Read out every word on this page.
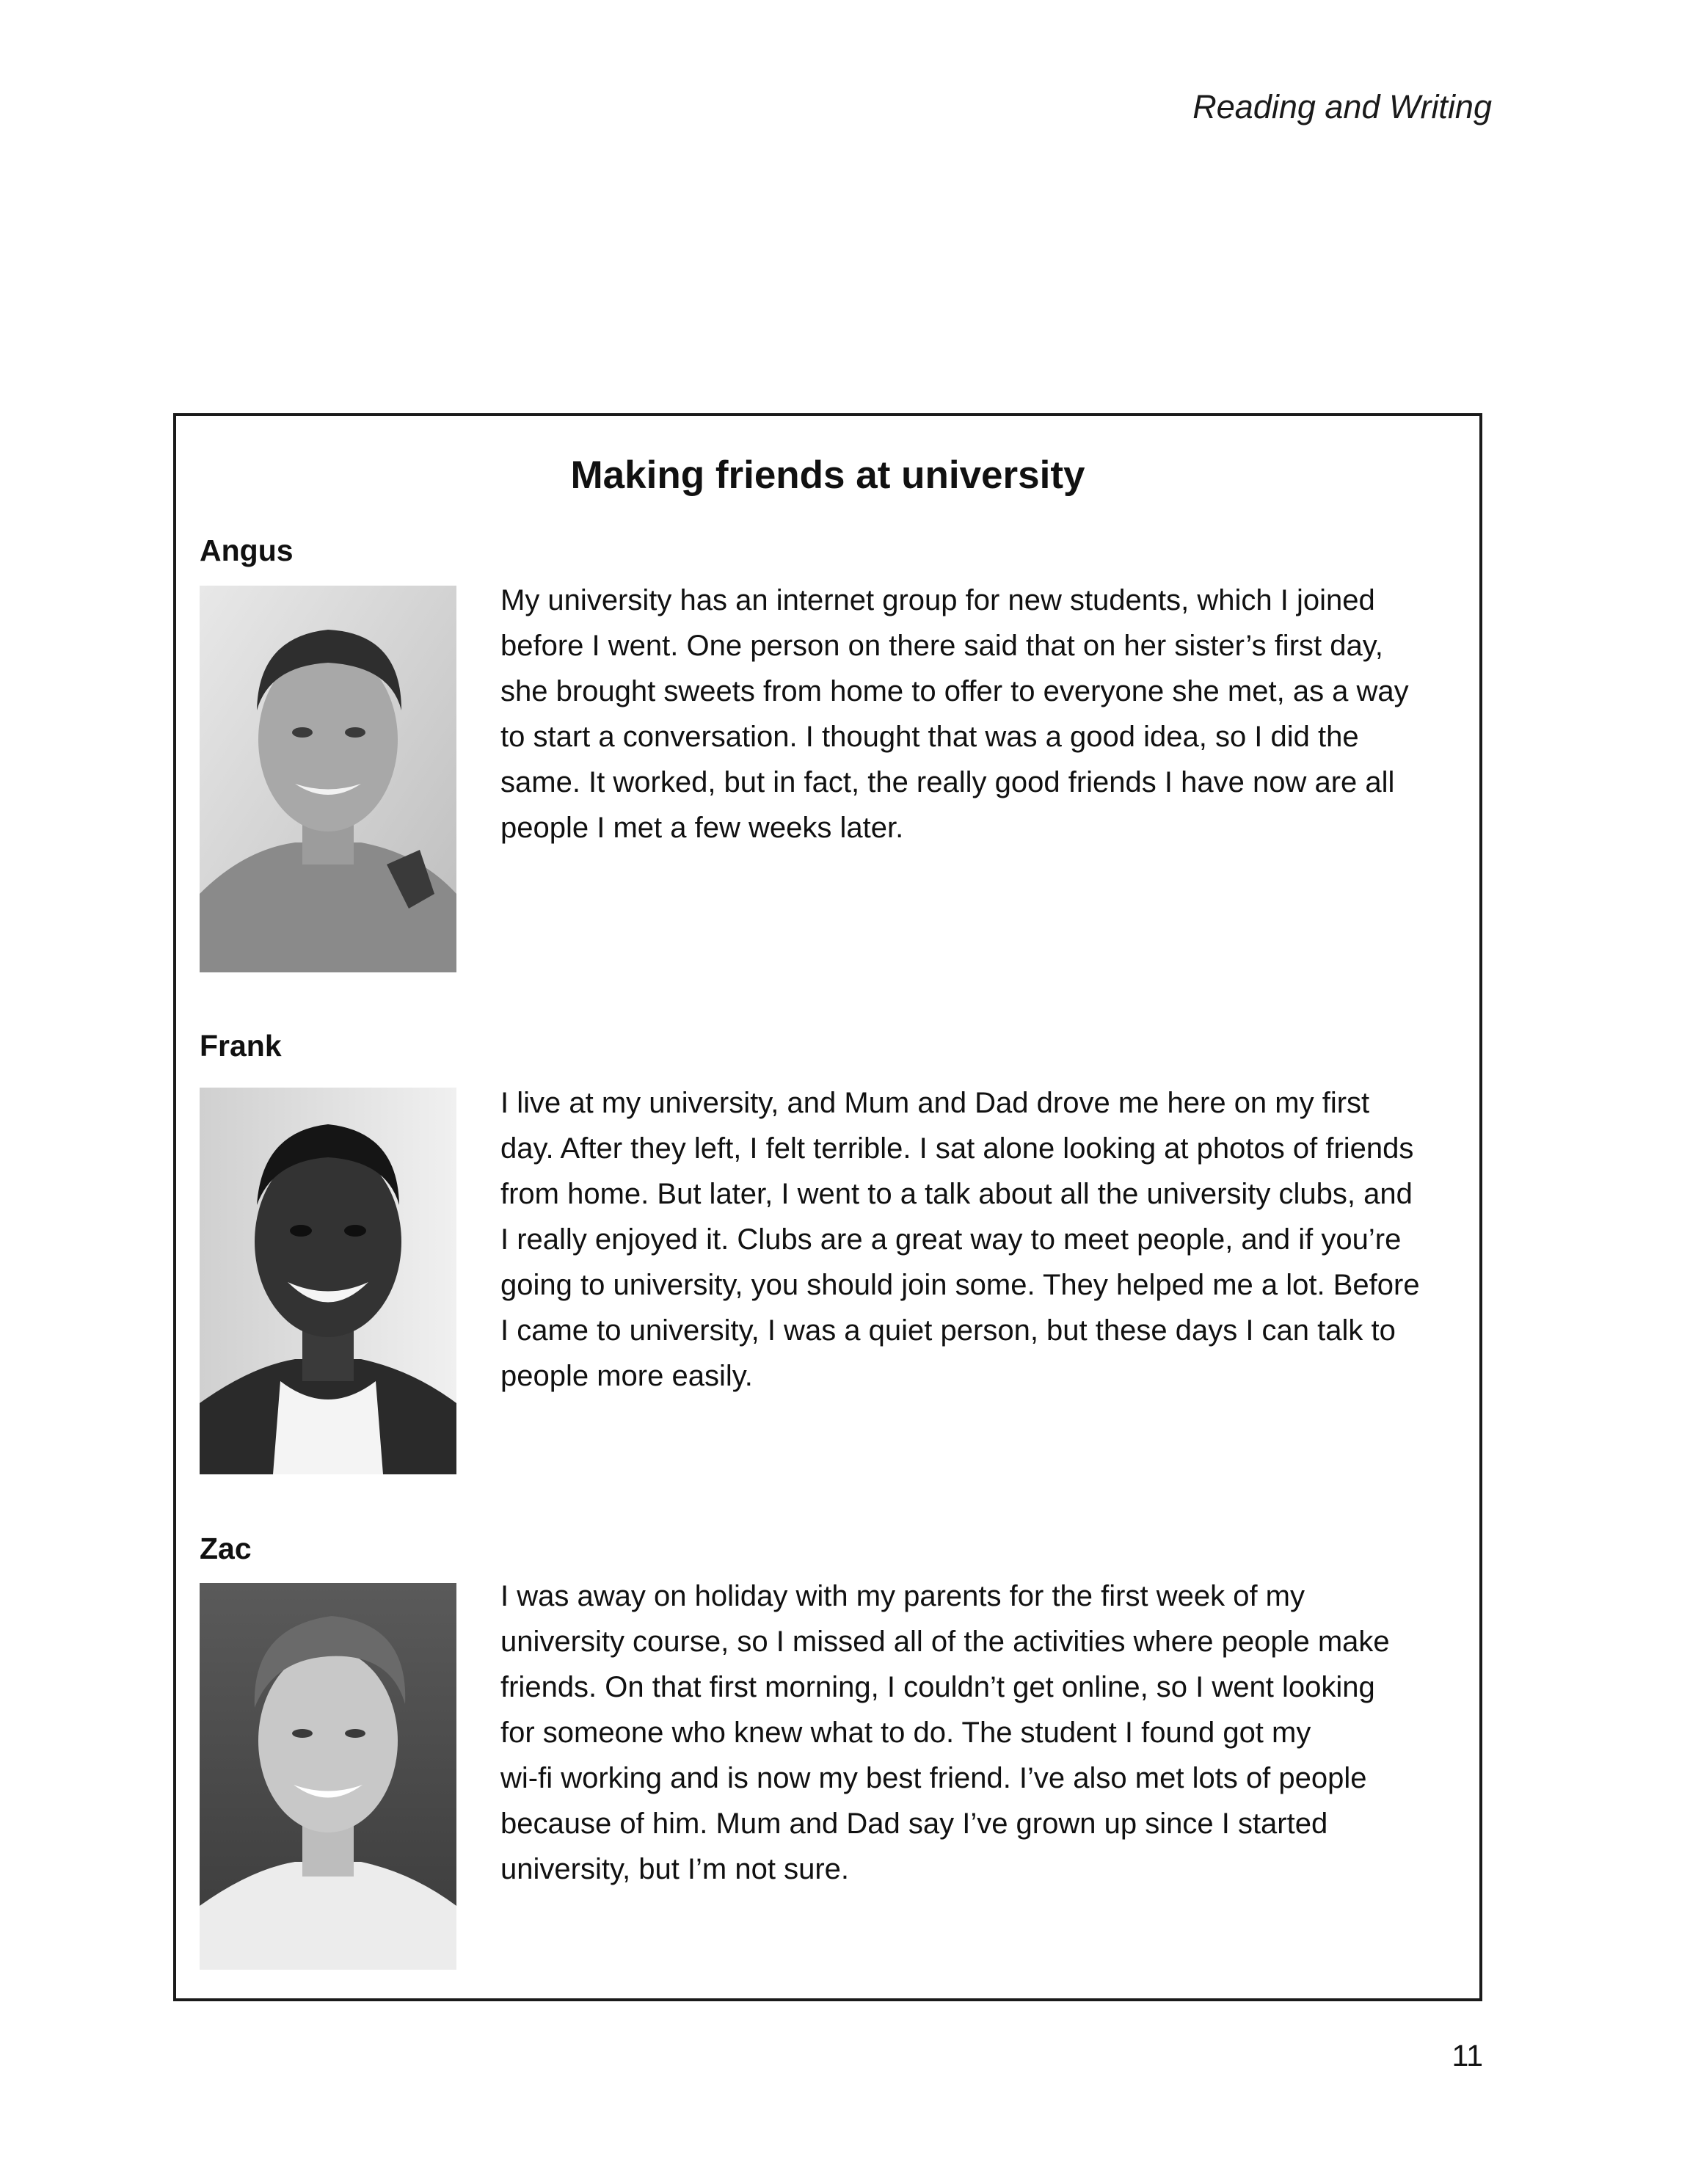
Reading and Writing
Making friends at university
Angus

My university has an internet group for new students, which I joined
before I went. One person on there said that on her sister’s first day,
she brought sweets from home to offer to everyone she met, as a way
to start a conversation. I thought that was a good idea, so I did the
same. It worked, but in fact, the really good friends I have now are all
people I met a few weeks later.

Frank

I live at my university, and Mum and Dad drove me here on my first
day. After they left, I felt terrible. I sat alone looking at photos of friends
from home. But later, I went to a talk about all the university clubs, and
I really enjoyed it. Clubs are a great way to meet people, and if you’re
going to university, you should join some. They helped me a lot. Before
I came to university, I was a quiet person, but these days I can talk to
people more easily.

Zac

I was away on holiday with my parents for the first week of my
university course, so I missed all of the activities where people make
friends. On that first morning, I couldn’t get online, so I went looking
for someone who knew what to do. The student I found got my
wi-fi working and is now my best friend. I’ve also met lots of people
because of him. Mum and Dad say I’ve grown up since I started
university, but I’m not sure.

11
